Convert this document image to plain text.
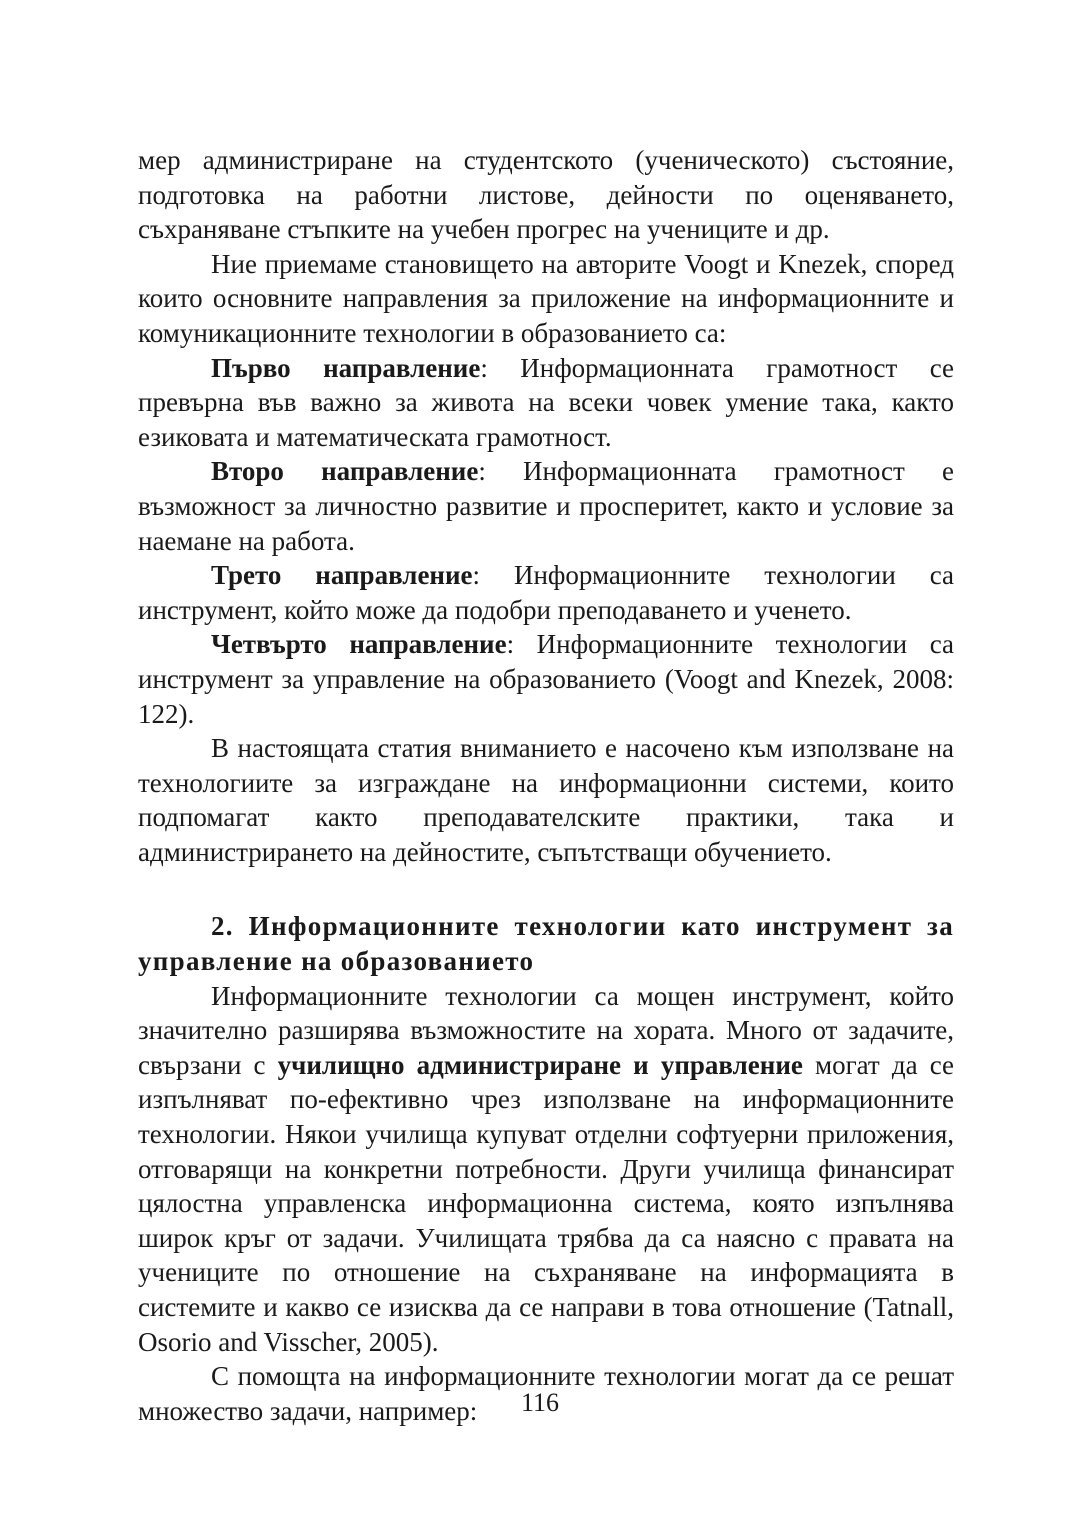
мер администриране на студентското (ученическото) състояние, подготовка на работни листове, дейности по оценяването, съхраняване стъпките на учебен прогрес на учениците и др.

Ние приемаме становището на авторите Voogt и Knezek, според които основните направления за приложение на информационните и комуникационните технологии в образованието са:

Първо направление: Информационната грамотност се превърна във важно за живота на всеки човек умение така, както езиковата и математическата грамотност.

Второ направление: Информационната грамотност е възможност за личностно развитие и просперитет, както и условие за наемане на работа.

Трето направление: Информационните технологии са инструмент, който може да подобри преподаването и ученето.

Четвърто направление: Информационните технологии са инструмент за управление на образованието (Voogt and Knezek, 2008: 122).

В настоящата статия вниманието е насочено към използване на технологиите за изграждане на информационни системи, които подпомагат както преподавателските практики, така и администрирането на дейностите, съпътстващи обучението.

2. Информационните технологии като инструмент за управление на образованието

Информационните технологии са мощен инструмент, който значително разширява възможностите на хората. Много от задачите, свързани с училищно администриране и управление могат да се изпълняват по-ефективно чрез използване на информационните технологии. Някои училища купуват отделни софтуерни приложения, отговарящи на конкретни потребности. Други училища финансират цялостна управленска информационна система, която изпълнява широк кръг от задачи. Училищата трябва да са наясно с правата на учениците по отношение на съхраняване на информацията в системите и какво се изисква да се направи в това отношение (Tatnall, Osorio and Visscher, 2005).

С помощта на информационните технологии могат да се решат множество задачи, например:	116
